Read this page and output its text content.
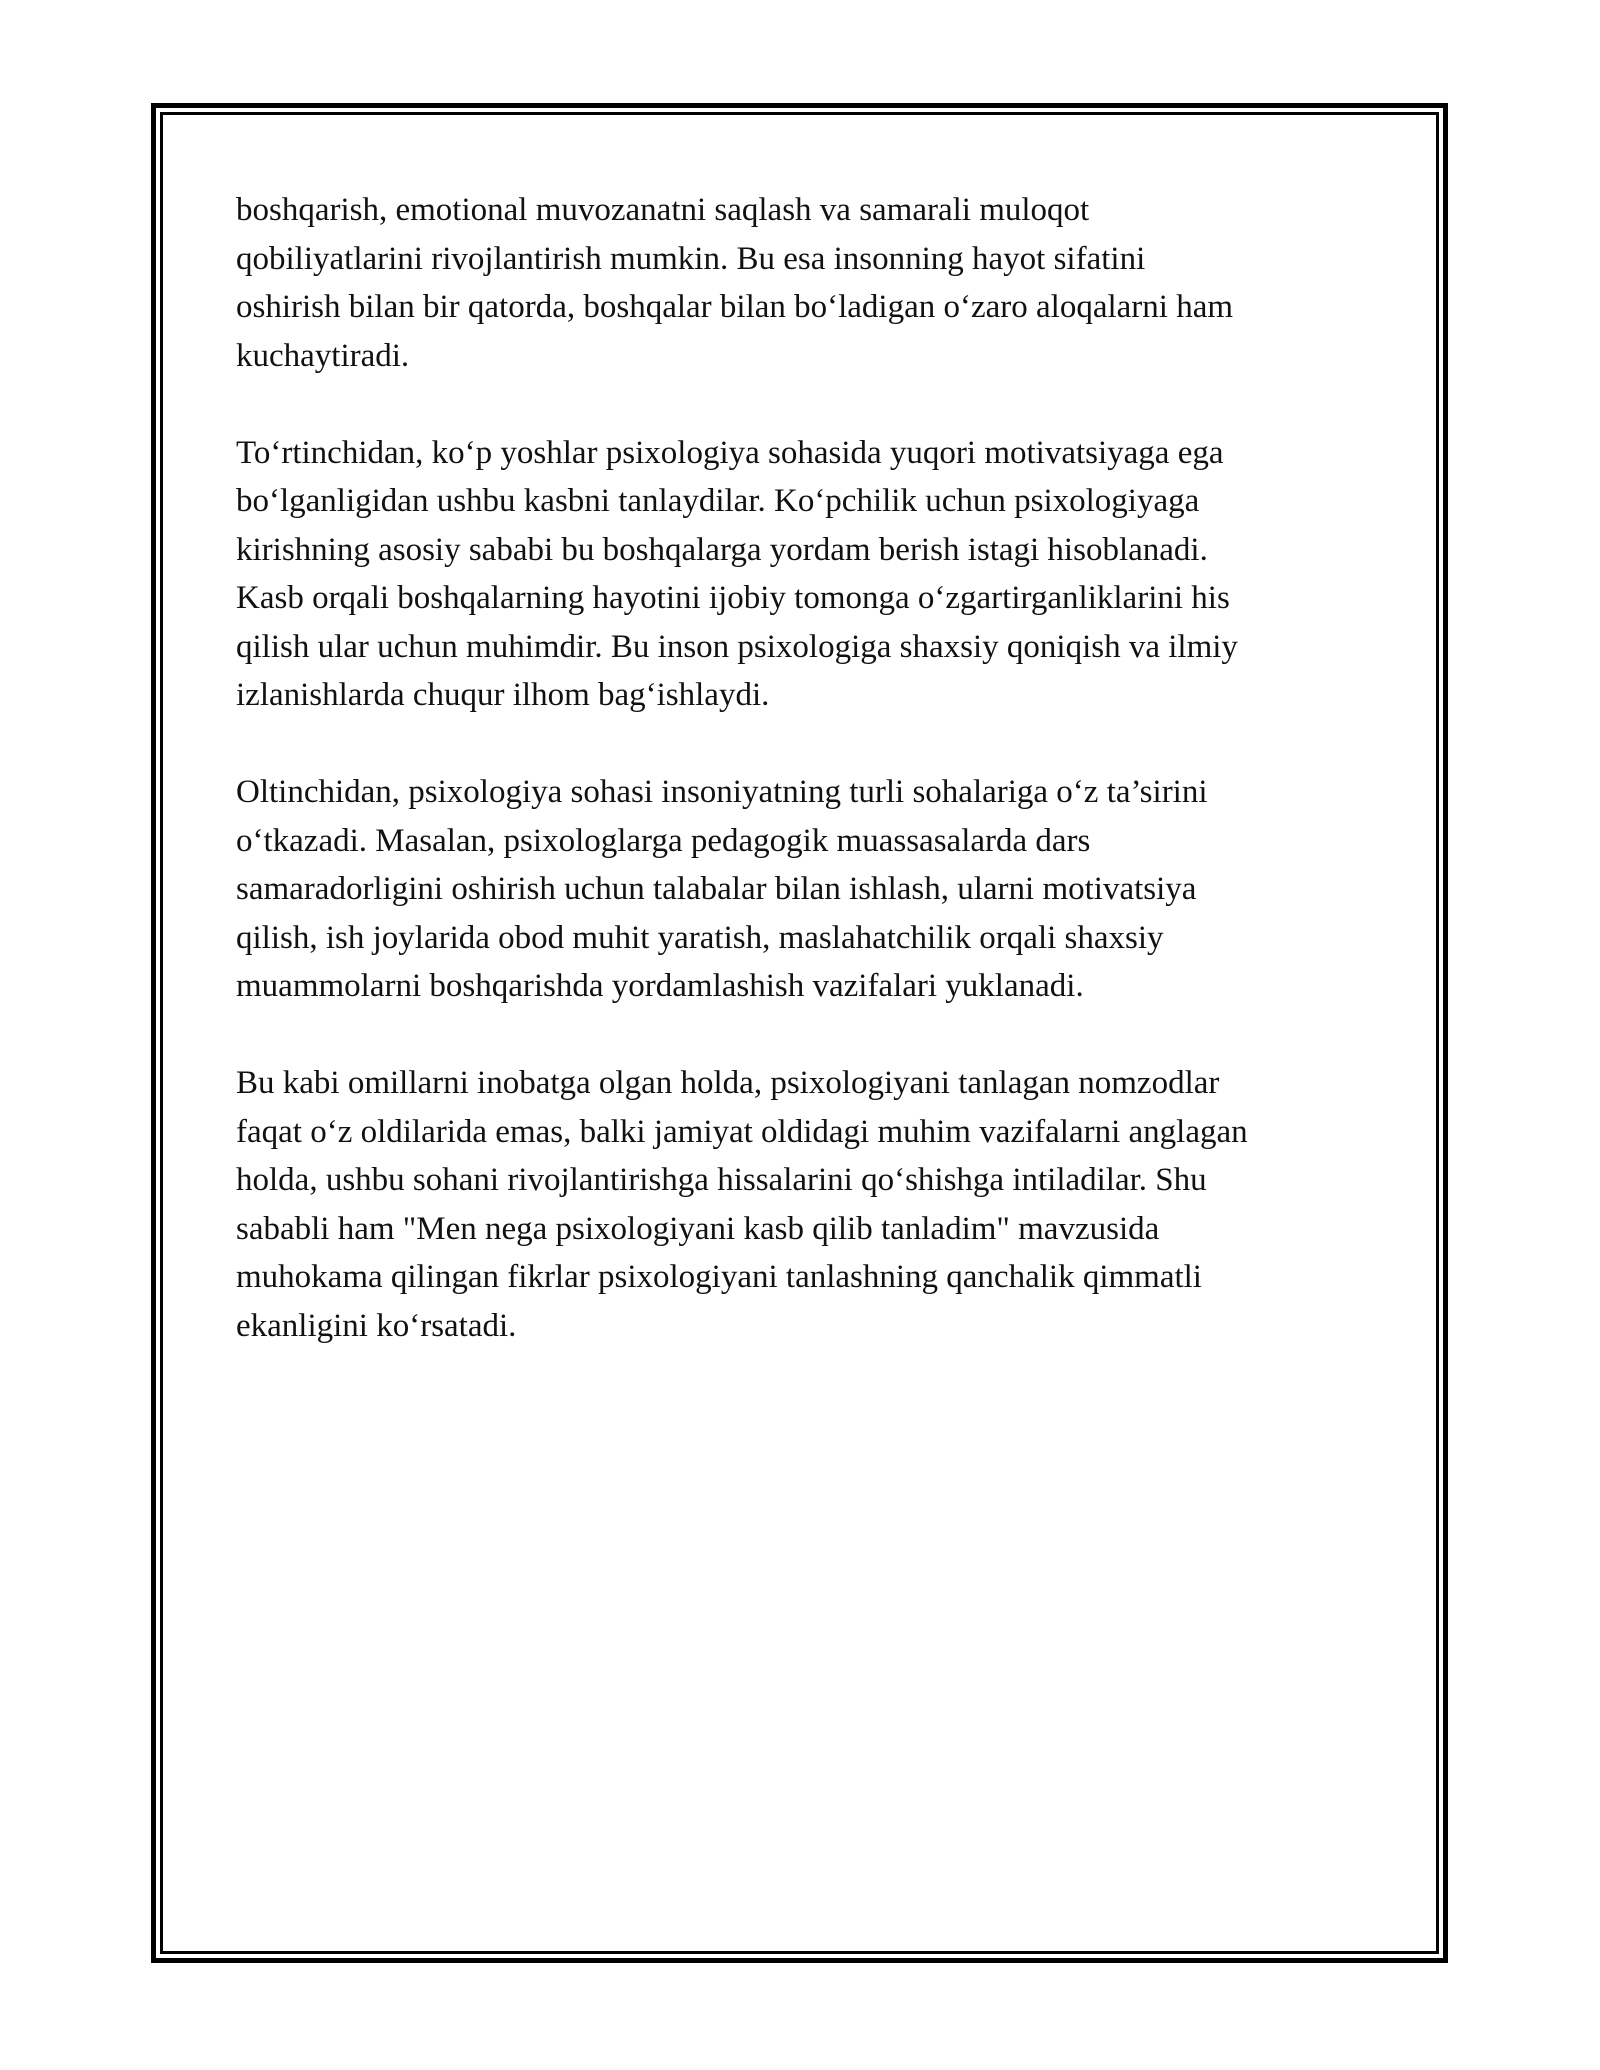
boshqarish, emotional muvozanatni saqlash va samarali muloqot
qobiliyatlarini rivojlantirish mumkin. Bu esa insonning hayot sifatini
oshirish bilan bir qatorda, boshqalar bilan bo‘ladigan o‘zaro aloqalarni ham
kuchaytiradi.

To‘rtinchidan, ko‘p yoshlar psixologiya sohasida yuqori motivatsiyaga ega
bo‘lganligidan ushbu kasbni tanlaydilar. Ko‘pchilik uchun psixologiyaga
kirishning asosiy sababi bu boshqalarga yordam berish istagi hisoblanadi.
Kasb orqali boshqalarning hayotini ijobiy tomonga o‘zgartirganliklarini his
qilish ular uchun muhimdir. Bu inson psixologiga shaxsiy qoniqish va ilmiy
izlanishlarda chuqur ilhom bag‘ishlaydi.

Oltinchidan, psixologiya sohasi insoniyatning turli sohalariga o‘z ta’sirini
o‘tkazadi. Masalan, psixologlarga pedagogik muassasalarda dars
samaradorligini oshirish uchun talabalar bilan ishlash, ularni motivatsiya
qilish, ish joylarida obod muhit yaratish, maslahatchilik orqali shaxsiy
muammolarni boshqarishda yordamlashish vazifalari yuklanadi.

Bu kabi omillarni inobatga olgan holda, psixologiyani tanlagan nomzodlar
faqat o‘z oldilarida emas, balki jamiyat oldidagi muhim vazifalarni anglagan
holda, ushbu sohani rivojlantirishga hissalarini qo‘shishga intiladilar. Shu
sababli ham "Men nega psixologiyani kasb qilib tanladim" mavzusida
muhokama qilingan fikrlar psixologiyani tanlashning qanchalik qimmatli
ekanligini ko‘rsatadi.
